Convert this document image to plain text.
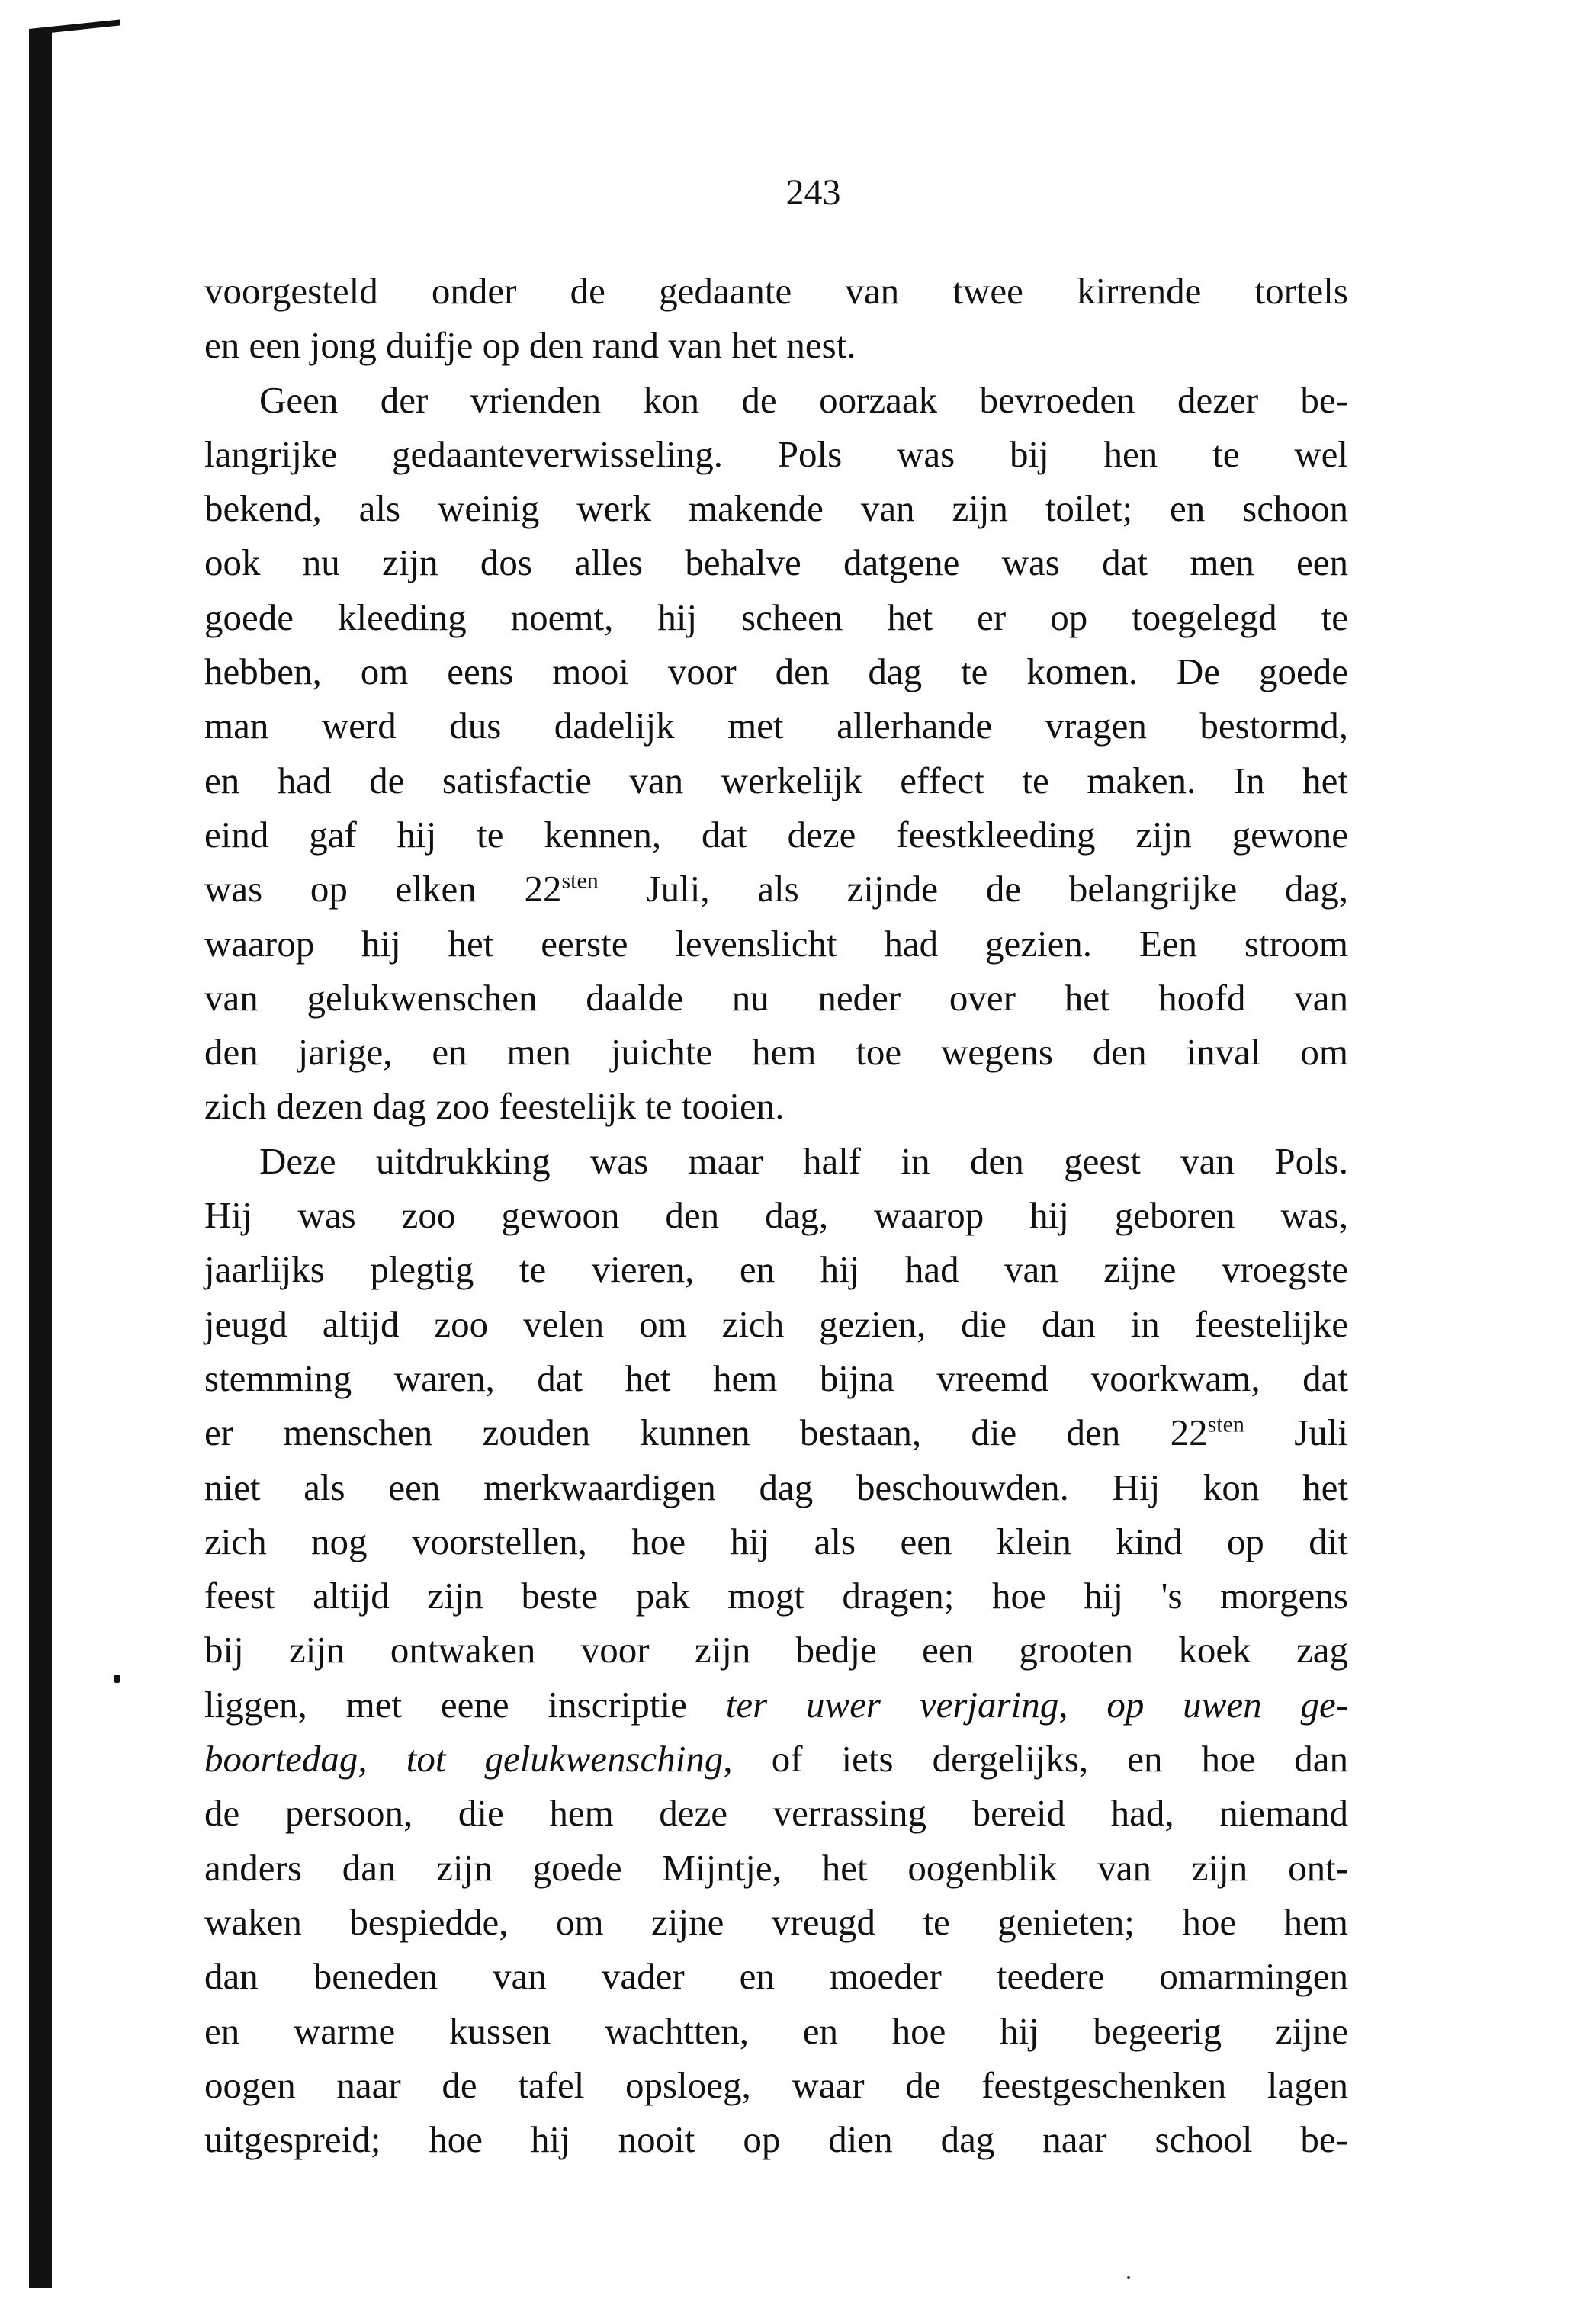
243
voorgesteld onder de gedaante van twee kirrende tortels
en een jong duifje op den rand van het nest.
Geen der vrienden kon de oorzaak bevroeden dezer be-
langrijke gedaanteverwisseling. Pols was bij hen te wel
bekend, als weinig werk makende van zijn toilet; en schoon
ook nu zijn dos alles behalve datgene was dat men een
goede kleeding noemt, hij scheen het er op toegelegd te
hebben, om eens mooi voor den dag te komen. De goede
man werd dus dadelijk met allerhande vragen bestormd,
en had de satisfactie van werkelijk effect te maken. In het
eind gaf hij te kennen, dat deze feestkleeding zijn gewone
was op elken $22^{sten}$ Juli, als zijnde de belangrijke dag,
waarop hij het eerste levenslicht had gezien. Een stroom
van gelukwenschen daalde nu neder over het hoofd van
den jarige, en men juichte hem toe wegens den inval om
zich dezen dag zoo feestelijk te tooien.
Deze uitdrukking was maar half in den geest van Pols.
Hij was zoo gewoon den dag, waarop hij geboren was,
jaarlijks plegtig te vieren, en hij had van zijne vroegste
jeugd altijd zoo velen om zich gezien, die dan in feestelijke
stemming waren, dat het hem bijna vreemd voorkwam, dat
er menschen zouden kunnen bestaan, die den $22^{sten}$ Juli
niet als een merkwaardigen dag beschouwden. Hij kon het
zich nog voorstellen, hoe hij als een klein kind op dit
feest altijd zijn beste pak mogt dragen; hoe hij 's morgens
bij zijn ontwaken voor zijn bedje een grooten koek zag
liggen, met eene inscriptie ter uwer verjaring, op uwen ge-
boortedag, tot gelukwensching, of iets dergelijks, en hoe dan
de persoon, die hem deze verrassing bereid had, niemand
anders dan zijn goede Mijntje, het oogenblik van zijn ont-
waken bespiedde, om zijne vreugd te genieten; hoe hem
dan beneden van vader en moeder teedere omarmingen
en warme kussen wachtten, en hoe hij begeerig zijne
oogen naar de tafel opsloeg, waar de feestgeschenken lagen
uitgespreid; hoe hij nooit op dien dag naar school be-
